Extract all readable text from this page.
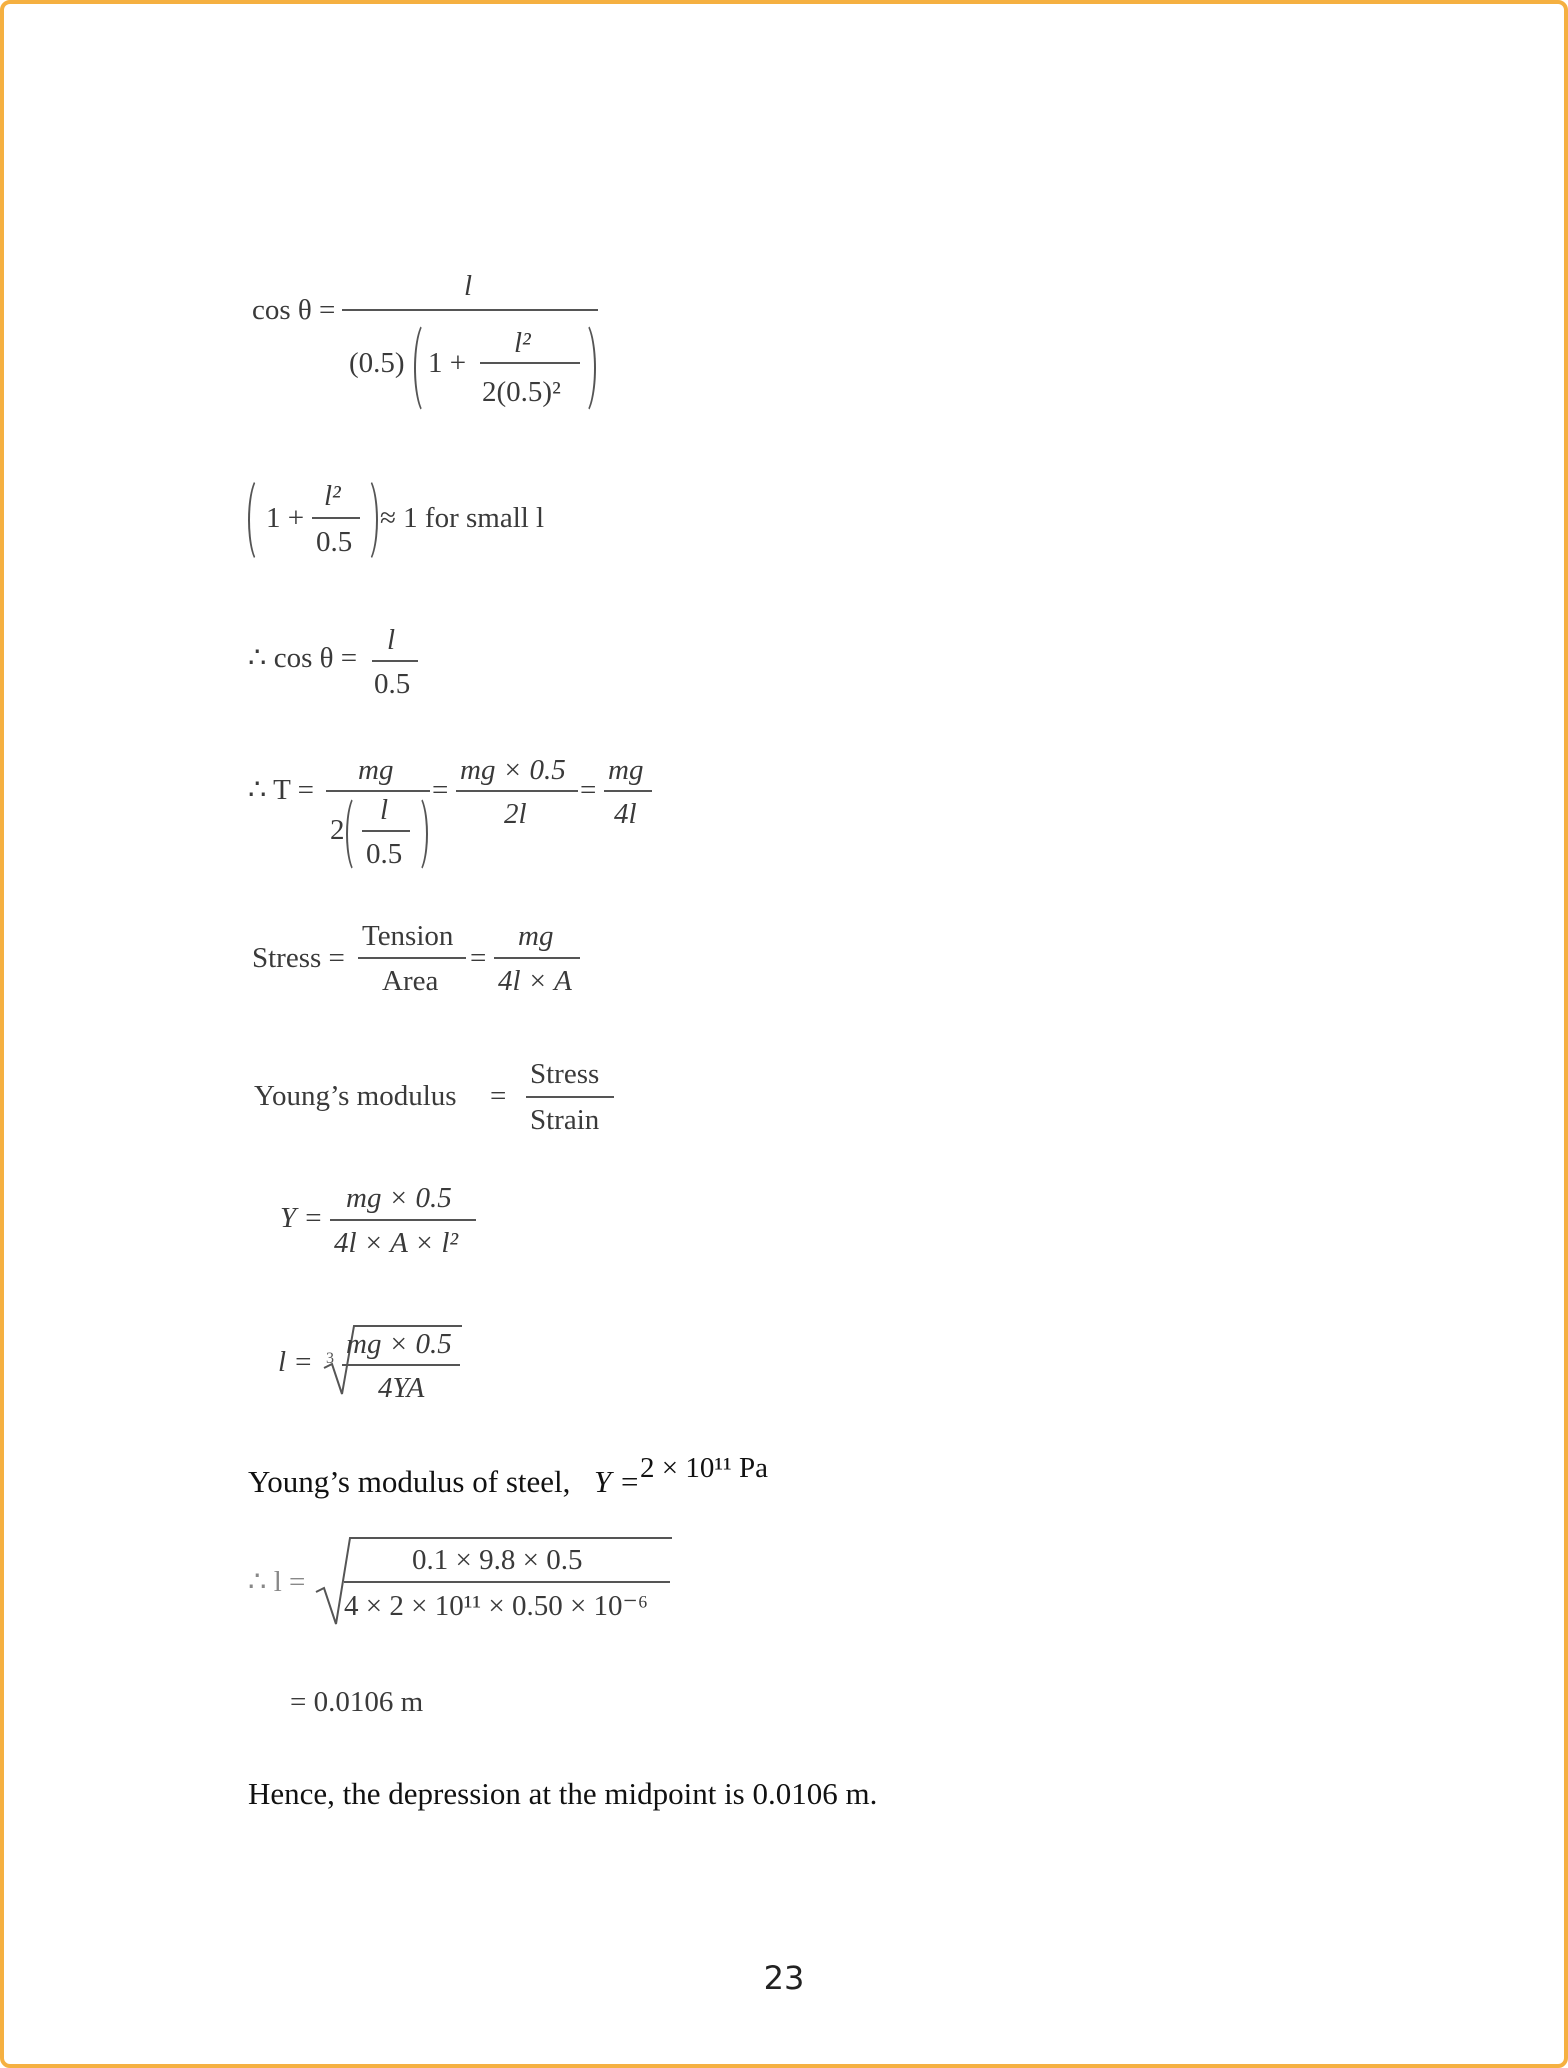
cos θ =
l
(0.5) 1 +
l²
2(0.5)²
1 +
l²
0.5
≈ 1 for small l
∴ cos θ =
l
0.5
∴ T =
mg
2
l
0.5
=
mg × 0.5
2l
=
mg
4l
Stress =
Tension
Area
=
mg
4l × A
Young’s modulus =
Stress
Strain
Y =
mg × 0.5
4l × A × l²
l = 3 mg × 0.5
4YA
Young’s modulus of steel, Y = 2 × 10¹¹ Pa
∴ l =
0.1 × 9.8 × 0.5
4 × 2 × 10¹¹ × 0.50 × 10⁻⁶
= 0.0106 m
Hence, the depression at the midpoint is 0.0106 m.
23
